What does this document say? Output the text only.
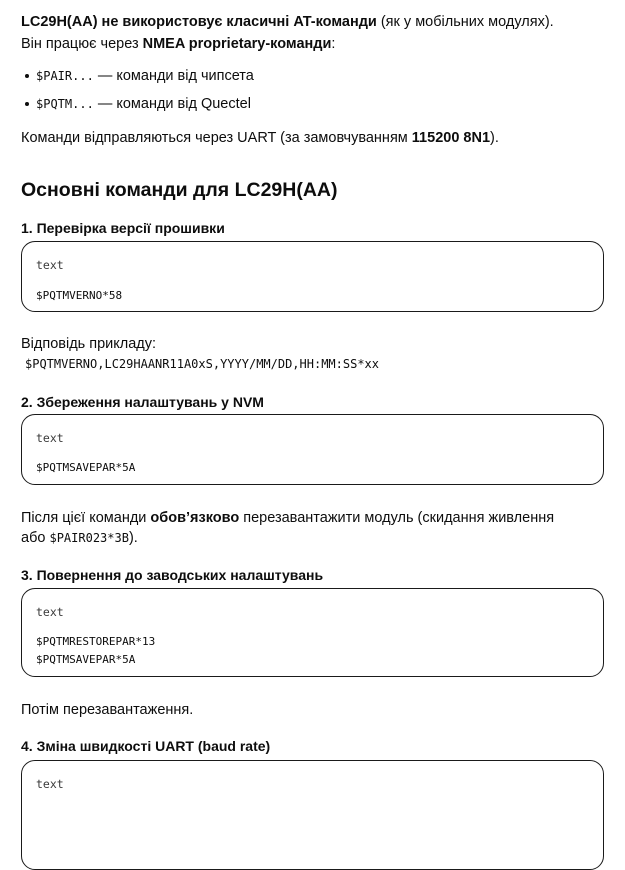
LC29H(AA) не використовує класичні AT-команди (як у мобільних модулях).

Він працює через NMEA proprietary-команди:

$PAIR... — команди від чипсета
$PQTM... — команди від Quectel

Команди відправляються через UART (за замовчуванням 115200 8N1).

Основні команди для LC29H(AA)
1. Перевірка версії прошивки
text
$PQTMVERNO*58

Відповідь прикладу:

$PQTMVERNO,LC29HAANR11A0xS,YYYY/MM/DD,HH:MM:SS*xx

2. Збереження налаштувань у NVM
text
$PQTMSAVEPAR*5A

Після цієї команди обов’язково перезавантажити модуль (скидання живлення

або $PAIR023*3B).

3. Повернення до заводських налаштувань
text
$PQTMRESTOREPAR*13
$PQTMSAVEPAR*5A

Потім перезавантаження.

4. Зміна швидкості UART (baud rate)
text
